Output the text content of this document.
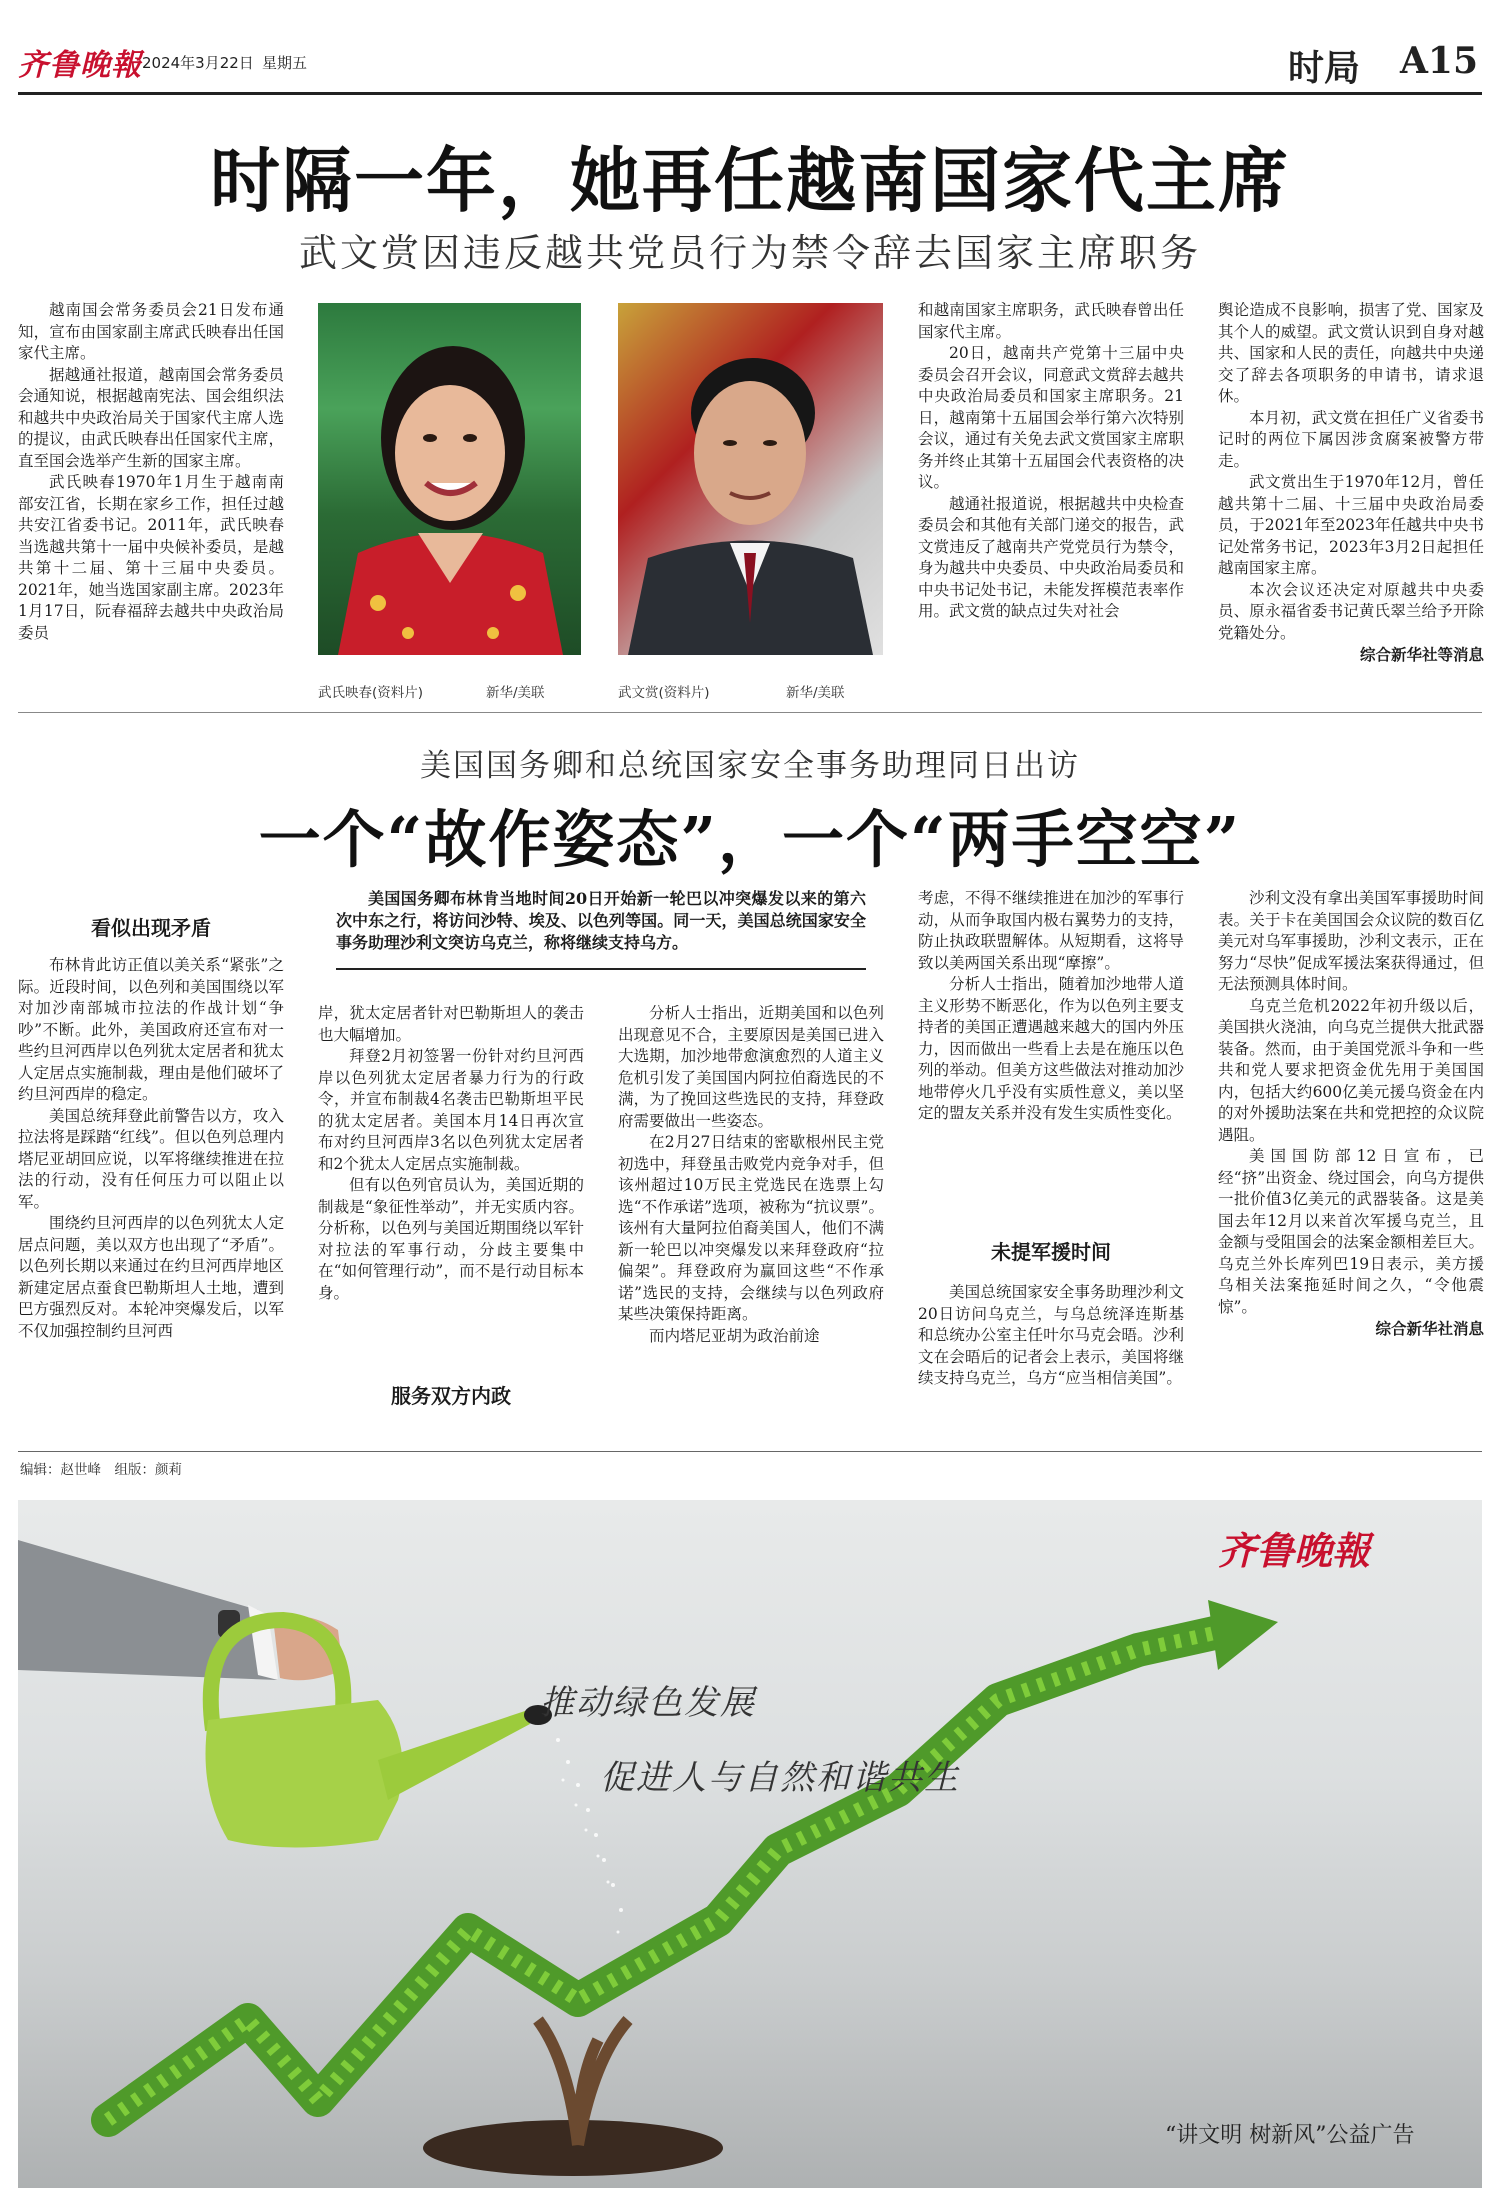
齐鲁晚報 2024年3月22日 星期五	时局 A15
时隔一年，她再任越南国家代主席
武文赏因违反越共党员行为禁令辞去国家主席职务

越南国会常务委员会21日发布通知，宣布由国家副主席武氏映春出任国家代主席。

据越通社报道，越南国会常务委员会通知说，根据越南宪法、国会组织法和越共中央政治局关于国家代主席人选的提议，由武氏映春出任国家代主席，直至国会选举产生新的国家主席。

武氏映春1970年1月生于越南南部安江省，长期在家乡工作，担任过越共安江省委书记。2011年，武氏映春当选越共第十一届中央候补委员，是越共第十二届、第十三届中央委员。2021年，她当选国家副主席。2023年1月17日，阮春福辞去越共中央政治局委员

武氏映春(资料片)	新华/美联	武文赏(资料片)	新华/美联

和越南国家主席职务，武氏映春曾出任国家代主席。

20日，越南共产党第十三届中央委员会召开会议，同意武文赏辞去越共中央政治局委员和国家主席职务。21日，越南第十五届国会举行第六次特别会议，通过有关免去武文赏国家主席职务并终止其第十五届国会代表资格的决议。

越通社报道说，根据越共中央检查委员会和其他有关部门递交的报告，武文赏违反了越南共产党党员行为禁令，身为越共中央委员、中央政治局委员和中央书记处书记，未能发挥模范表率作用。武文赏的缺点过失对社会

舆论造成不良影响，损害了党、国家及其个人的威望。武文赏认识到自身对越共、国家和人民的责任，向越共中央递交了辞去各项职务的申请书，请求退休。

本月初，武文赏在担任广义省委书记时的两位下属因涉贪腐案被警方带走。

武文赏出生于1970年12月，曾任越共第十二届、十三届中央政治局委员，于2021年至2023年任越共中央书记处常务书记，2023年3月2日起担任越南国家主席。

本次会议还决定对原越共中央委员、原永福省委书记黄氏翠兰给予开除党籍处分。

综合新华社等消息

美国国务卿和总统国家安全事务助理同日出访
一个“故作姿态”，一个“两手空空”
看似出现矛盾

布林肯此访正值以美关系“紧张”之际。近段时间，以色列和美国围绕以军对加沙南部城市拉法的作战计划“争吵”不断。此外，美国政府还宣布对一些约旦河西岸以色列犹太定居者和犹太人定居点实施制裁，理由是他们破坏了约旦河西岸的稳定。

美国总统拜登此前警告以方，攻入拉法将是踩踏“红线”。但以色列总理内塔尼亚胡回应说，以军将继续推进在拉法的行动，没有任何压力可以阻止以军。

围绕约旦河西岸的以色列犹太人定居点问题，美以双方也出现了“矛盾”。以色列长期以来通过在约旦河西岸地区新建定居点蚕食巴勒斯坦人土地，遭到巴方强烈反对。本轮冲突爆发后，以军不仅加强控制约旦河西

美国国务卿布林肯当地时间20日开始新一轮巴以冲突爆发以来的第六次中东之行，将访问沙特、埃及、以色列等国。同一天，美国总统国家安全事务助理沙利文突访乌克兰，称将继续支持乌方。

岸，犹太定居者针对巴勒斯坦人的袭击也大幅增加。

拜登2月初签署一份针对约旦河西岸以色列犹太定居者暴力行为的行政令，并宣布制裁4名袭击巴勒斯坦平民的犹太定居者。美国本月14日再次宣布对约旦河西岸3名以色列犹太定居者和2个犹太人定居点实施制裁。

但有以色列官员认为，美国近期的制裁是“象征性举动”，并无实质内容。分析称，以色列与美国近期围绕以军针对拉法的军事行动，分歧主要集中在“如何管理行动”，而不是行动目标本身。

服务双方内政

分析人士指出，近期美国和以色列出现意见不合，主要原因是美国已进入大选期，加沙地带愈演愈烈的人道主义危机引发了美国国内阿拉伯裔选民的不满，为了挽回这些选民的支持，拜登政府需要做出一些姿态。

在2月27日结束的密歇根州民主党初选中，拜登虽击败党内竞争对手，但该州超过10万民主党选民在选票上勾选“不作承诺”选项，被称为“抗议票”。该州有大量阿拉伯裔美国人，他们不满新一轮巴以冲突爆发以来拜登政府“拉偏架”。拜登政府为赢回这些“不作承诺”选民的支持，会继续与以色列政府某些决策保持距离。

而内塔尼亚胡为政治前途

考虑，不得不继续推进在加沙的军事行动，从而争取国内极右翼势力的支持，防止执政联盟解体。从短期看，这将导致以美两国关系出现“摩擦”。

分析人士指出，随着加沙地带人道主义形势不断恶化，作为以色列主要支持者的美国正遭遇越来越大的国内外压力，因而做出一些看上去是在施压以色列的举动。但美方这些做法对推动加沙地带停火几乎没有实质性意义，美以坚定的盟友关系并没有发生实质性变化。

未提军援时间

美国总统国家安全事务助理沙利文20日访问乌克兰，与乌总统泽连斯基和总统办公室主任叶尔马克会晤。沙利文在会晤后的记者会上表示，美国将继续支持乌克兰，乌方“应当相信美国”。

沙利文没有拿出美国军事援助时间表。关于卡在美国国会众议院的数百亿美元对乌军事援助，沙利文表示，正在努力“尽快”促成军援法案获得通过，但无法预测具体时间。

乌克兰危机2022年初升级以后，美国拱火浇油，向乌克兰提供大批武器装备。然而，由于美国党派斗争和一些共和党人要求把资金优先用于美国国内，包括大约600亿美元援乌资金在内的对外援助法案在共和党把控的众议院遇阻。

美国国防部12日宣布，已经“挤”出资金、绕过国会，向乌方提供一批价值3亿美元的武器装备。这是美国去年12月以来首次军援乌克兰，且金额与受阻国会的法案金额相差巨大。乌克兰外长库列巴19日表示，美方援乌相关法案拖延时间之久，“令他震惊”。

综合新华社消息

编辑：赵世峰　组版：颜莉
齐鲁晚報
推动绿色发展
促进人与自然和谐共生
“讲文明 树新风”公益广告
